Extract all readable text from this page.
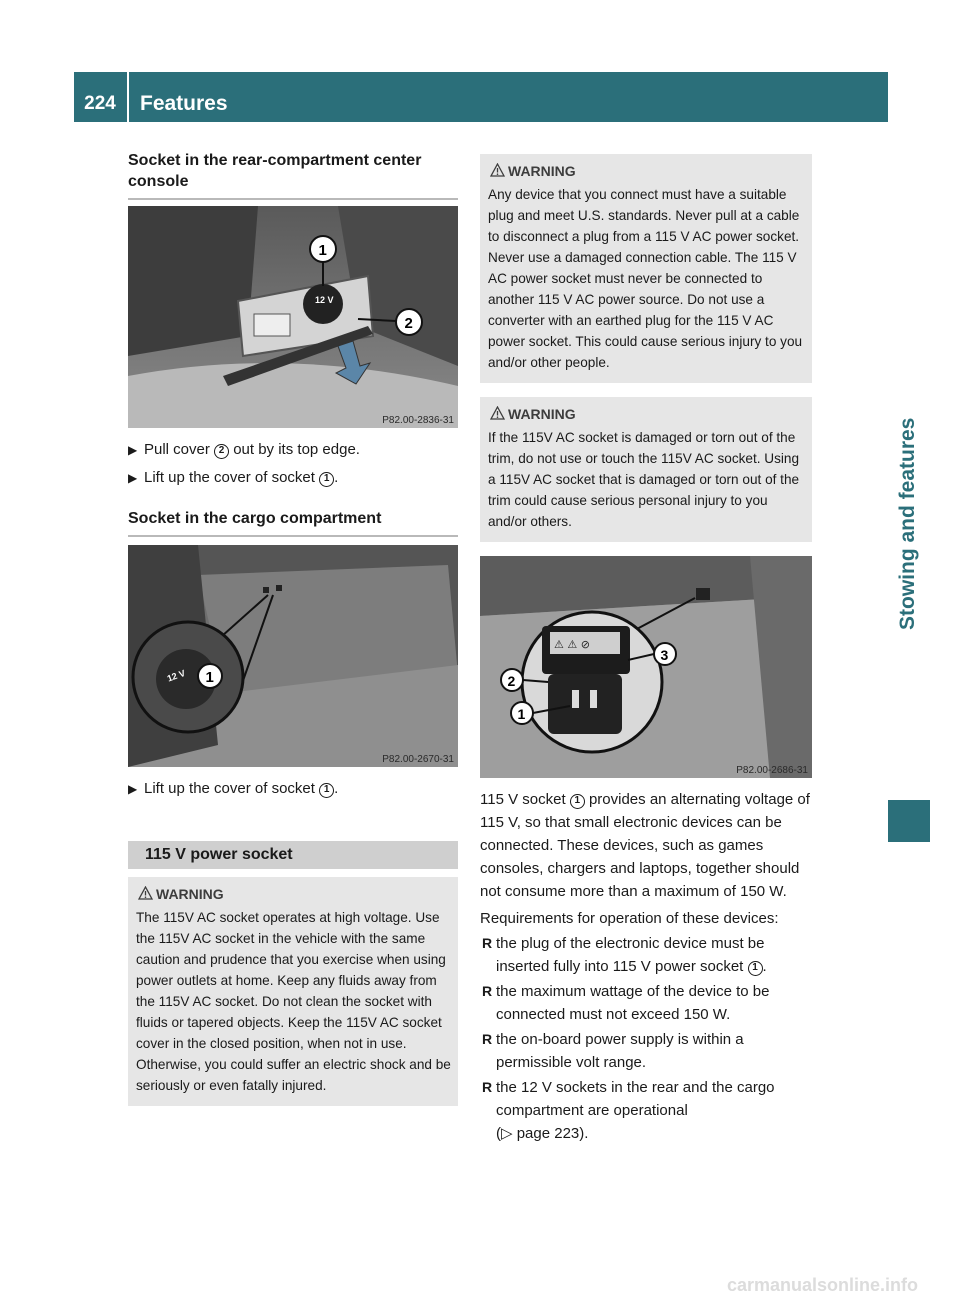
224	Features
Stowing and features
Socket in the rear-compartment center console
12 V
1
2
P82.00-2836-31
▶ Pull cover 2 out by its top edge.
▶ Lift up the cover of socket 1 .
Socket in the cargo compartment
12 V 1
P82.00-2670-31
▶ Lift up the cover of socket 1 .
115 V power socket
WARNING
The 115V AC socket operates at high voltage. Use the 115V AC socket in the vehicle with the same caution and prudence that you exercise when using power outlets at home. Keep any fluids away from the 115V AC socket. Do not clean the socket with fluids or tapered objects. Keep the 115V AC socket cover in the closed position, when not in use. Otherwise, you could suffer an electric shock and be seriously or even fatally injured.
WARNING
Any device that you connect must have a suitable plug and meet U.S. standards. Never pull at a cable to disconnect a plug from a 115 V AC power socket. Never use a damaged connection cable. The 115 V AC power socket must never be connected to another 115 V AC power source. Do not use a converter with an earthed plug for the 115 V AC power socket. This could cause serious injury to you and/or other people.
WARNING
If the 115V AC socket is damaged or torn out of the trim, do not use or touch the 115V AC socket. Using a 115V AC socket that is damaged or torn out of the trim could cause serious personal injury to you and/or others.
⚠ ⚠ ⊘
3
2
1
P82.00-2686-31
115 V socket 1 provides an alternating voltage of 115 V, so that small electronic devices can be connected. These devices, such as games consoles, chargers and laptops, together should not consume more than a maximum of 150 W.
Requirements for operation of these devices:
R the plug of the electronic device must be inserted fully into 115 V power socket 1 .
R the maximum wattage of the device to be connected must not exceed 150 W.
R the on-board power supply is within a permissible volt range.
R the 12 V sockets in the rear and the cargo compartment are operational
(▷ page 223).
carmanualsonline.info
